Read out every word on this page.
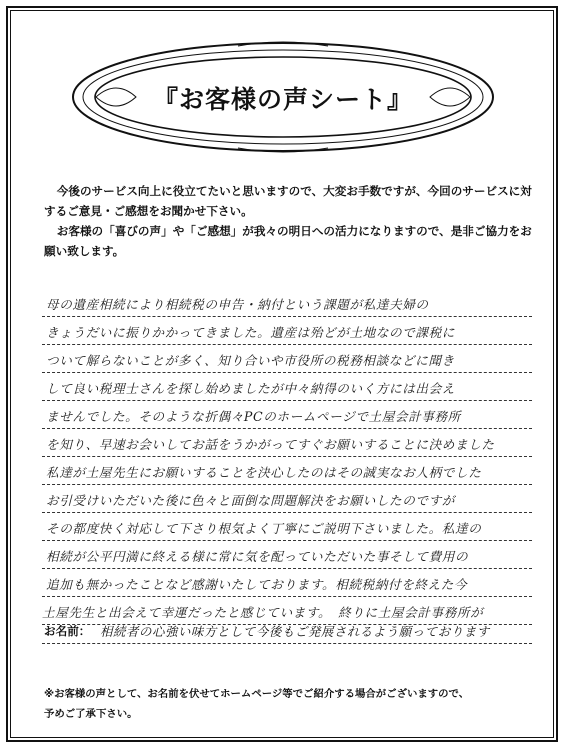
『お客様の声シート』

今後のサービス向上に役立てたいと思いますので、大変お手数ですが、今回のサービスに対するご意見・ご感想をお聞かせ下さい。

お客様の「喜びの声」や「ご感想」が我々の明日への活力になりますので、是非ご協力をお願い致します。

母の遺産相続により相続税の申告・納付という課題が私達夫婦の
きょうだいに振りかかってきました。遺産は殆どが土地なので課税に
ついて解らないことが多く、知り合いや市役所の税務相談などに聞き
して良い税理士さんを探し始めましたが中々納得のいく方には出会え
ませんでした。そのような折偶々PCのホームページで土屋会計事務所
を知り、早速お会いしてお話をうかがってすぐお願いすることに決めました
私達が土屋先生にお願いすることを決心したのはその誠実なお人柄でした
お引受けいただいた後に色々と面倒な問題解決をお願いしたのですが
その都度快く対応して下さり根気よく丁寧にご説明下さいました。私達の
相続が公平円満に終える様に常に気を配っていただいた事そして費用の
追加も無かったことなど感謝いたしております。相続税納付を終えた今
土屋先生と出会えて幸運だったと感じています。　終りに土屋会計事務所が
お名前： 相続者の心強い味方として今後もご発展されるよう願っております

※お客様の声として、お名前を伏せてホームページ等でご紹介する場合がございますので、

予めご了承下さい。
